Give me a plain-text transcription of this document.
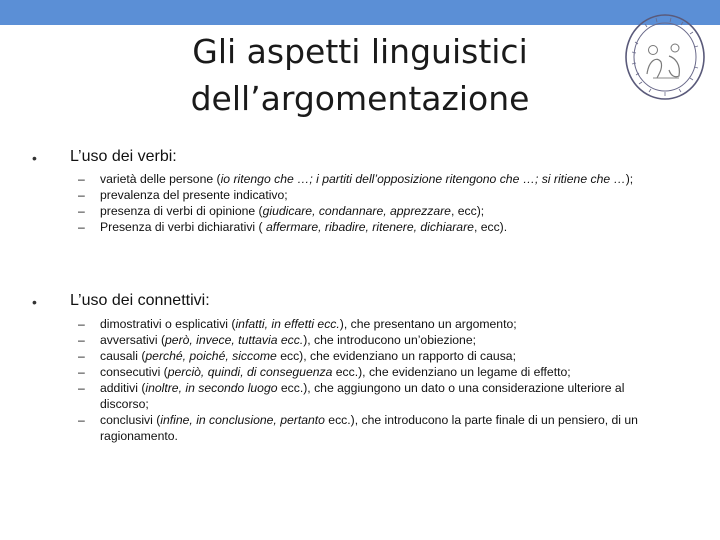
Gli aspetti linguistici
dell’argomentazione
• L’uso dei verbi:
– varietà delle persone (io ritengo che …; i partiti dell’opposizione ritengono che …; si ritiene che …);
– prevalenza del presente indicativo;
– presenza di verbi di opinione (giudicare, condannare, apprezzare, ecc);
– Presenza di verbi dichiarativi ( affermare, ribadire, ritenere, dichiarare, ecc).
• L’uso dei connettivi:
– dimostrativi o esplicativi (infatti, in effetti ecc.), che presentano un argomento;
– avversativi (però, invece, tuttavia ecc.), che introducono un’obiezione;
– causali (perché, poiché, siccome ecc), che evidenziano un rapporto di causa;
– consecutivi (perciò, quindi, di conseguenza ecc.), che evidenziano un legame di effetto;
– additivi (inoltre, in secondo luogo ecc.), che aggiungono un dato o una considerazione ulteriore al discorso;
– conclusivi (infine, in conclusione, pertanto ecc.), che introducono la parte finale di un pensiero, di un ragionamento.
